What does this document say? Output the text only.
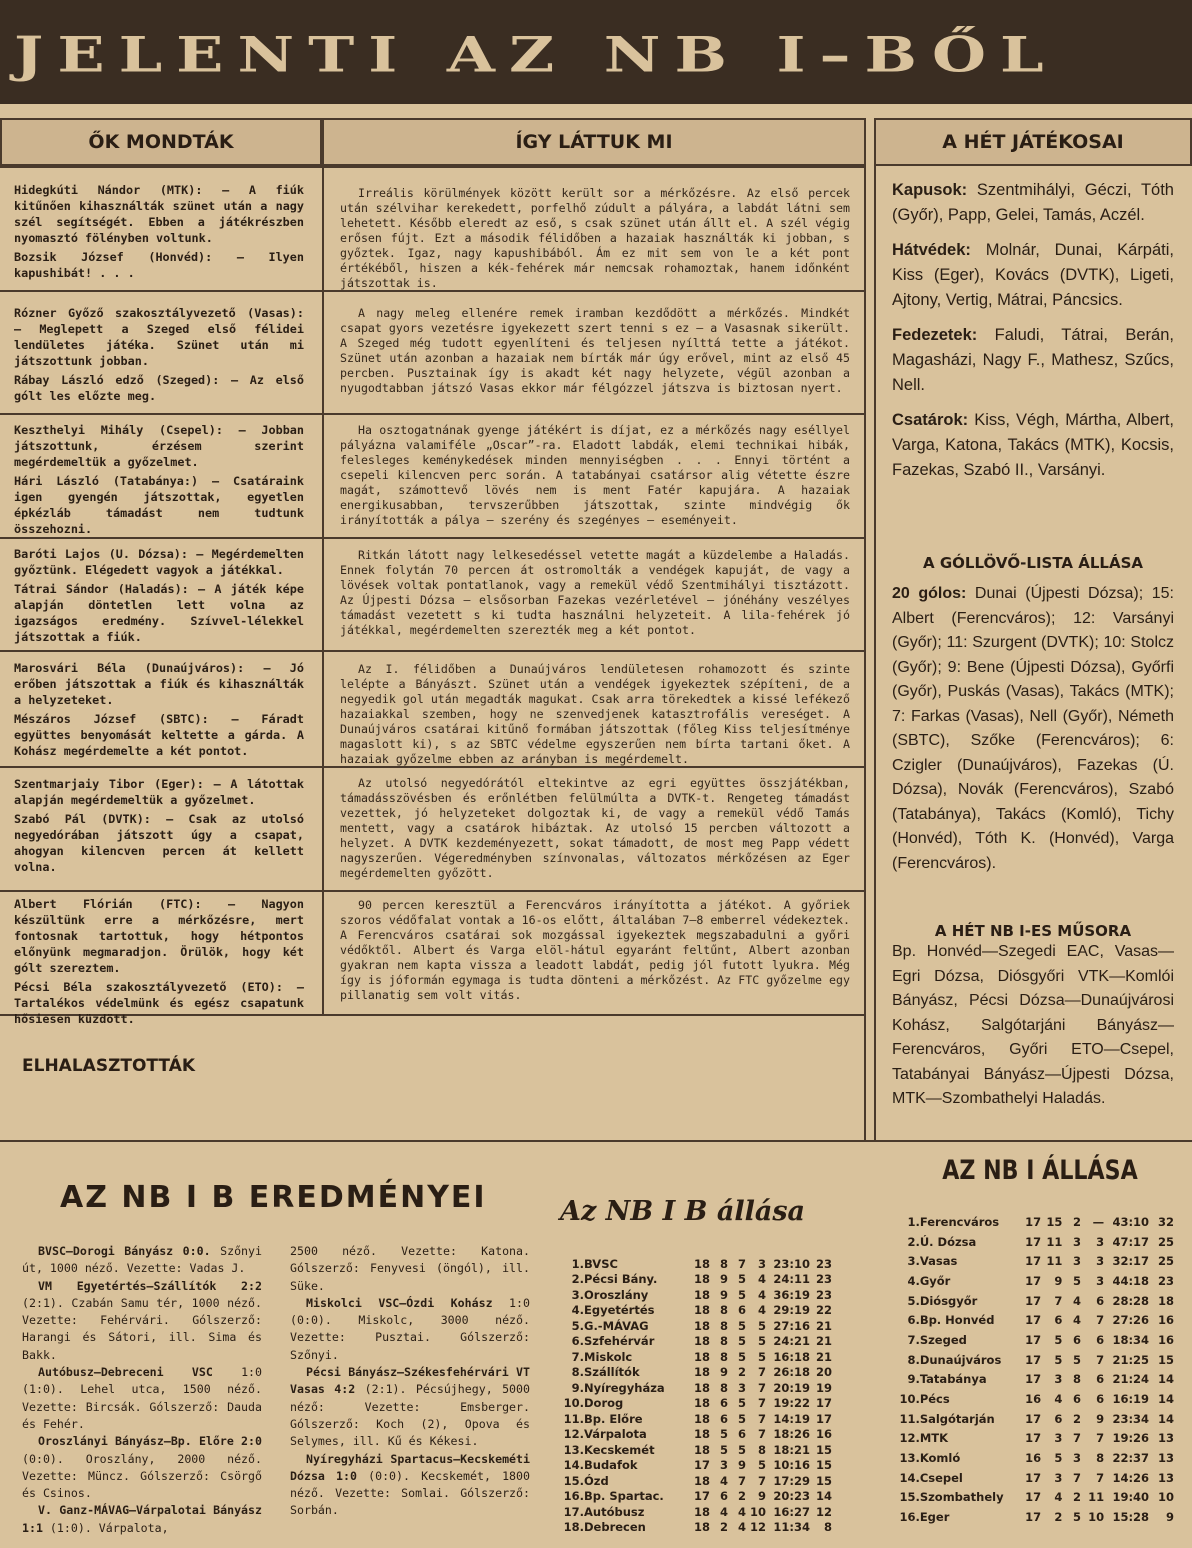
JELENTI AZ NB I–BŐL
ŐK MONDTÁK	ÍGY LÁTTUK MI	A HÉT JÁTÉKOSAI

Hidegkúti Nándor (MTK): — A fiúk kitűnően kihasználták szünet után a nagy szél segítségét. Ebben a játékrészben nyomasztó fölényben voltunk.

Bozsik József (Honvéd): — Ilyen kapushibát! . . .

Irreális körülmények között került sor a mérkőzésre. Az első percek után szélvihar kerekedett, porfelhő zúdult a pályára, a labdát látni sem lehetett. Később eleredt az eső, s csak szünet után állt el. A szél végig erősen fújt. Ezt a második félidőben a hazaiak használták ki jobban, s győztek. Igaz, nagy kapushibából. Ám ez mit sem von le a két pont értékéből, hiszen a kék-fehérek már nemcsak rohamoztak, hanem időnként játszottak is.

Rózner Győző szakosztályvezető (Vasas): — Meglepett a Szeged első félidei lendületes játéka. Szünet után mi játszottunk jobban.

Rábay László edző (Szeged): — Az első gólt les előzte meg.

A nagy meleg ellenére remek iramban kezdődött a mérkőzés. Mindkét csapat gyors vezetésre igyekezett szert tenni s ez — a Vasasnak sikerült. A Szeged még tudott egyenlíteni és teljesen nyílttá tette a játékot. Szünet után azonban a hazaiak nem bírták már úgy erővel, mint az első 45 percben. Pusztainak így is akadt két nagy helyzete, végül azonban a nyugodtabban játszó Vasas ekkor már félgózzel játszva is biztosan nyert.

Keszthelyi Mihály (Csepel): — Jobban játszottunk, érzésem szerint megérdemeltük a győzelmet.

Hári László (Tatabánya:) — Csatáraink igen gyengén játszottak, egyetlen épkézláb támadást nem tudtunk összehozni.

Ha osztogatnának gyenge játékért is díjat, ez a mérkőzés nagy eséllyel pályázna valamiféle „Oscar”-ra. Eladott labdák, elemi technikai hibák, felesleges keménykedések minden mennyiségben . . . Ennyi történt a csepeli kilencven perc során. A tatabányai csatársor alig vétette észre magát, számottevő lövés nem is ment Fatér kapujára. A hazaiak energikusabban, tervszerűbben játszottak, szinte mindvégig ők irányították a pálya — szerény és szegényes — eseményeit.

Baróti Lajos (U. Dózsa): — Megérdemelten győztünk. Elégedett vagyok a játékkal.

Tátrai Sándor (Haladás): — A játék képe alapján döntetlen lett volna az igazságos eredmény. Szívvel-lélekkel játszottak a fiúk.

Ritkán látott nagy lelkesedéssel vetette magát a küzdelembe a Haladás. Ennek folytán 70 percen át ostromolták a vendégek kapuját, de vagy a lövések voltak pontatlanok, vagy a remekül védő Szentmihályi tisztázott. Az Újpesti Dózsa — elsősorban Fazekas vezérletével — jónéhány veszélyes támadást vezetett s ki tudta használni helyzeteit. A lila-fehérek jó játékkal, megérdemelten szerezték meg a két pontot.

Marosvári Béla (Dunaújváros): — Jó erőben játszottak a fiúk és kihasználták a helyzeteket.

Mészáros József (SBTC): — Fáradt együttes benyomását keltette a gárda. A Kohász megérdemelte a két pontot.

Az I. félidőben a Dunaújváros lendületesen rohamozott és szinte lelépte a Bányászt. Szünet után a vendégek igyekeztek szépíteni, de a negyedik gol után megadták magukat. Csak arra törekedtek a kissé lefékező hazaiakkal szemben, hogy ne szenvedjenek katasztrofális vereséget. A Dunaújváros csatárai kitűnő formában játszottak (főleg Kiss teljesítménye magaslott ki), s az SBTC védelme egyszerűen nem bírta tartani őket. A hazaiak győzelme ebben az arányban is megérdemelt.

Szentmarjaiy Tibor (Eger): — A látottak alapján megérdemeltük a győzelmet.

Szabó Pál (DVTK): — Csak az utolsó negyedórában játszott úgy a csapat, ahogyan kilencven percen át kellett volna.

Az utolsó negyedórától eltekintve az egri együttes összjátékban, támadásszövésben és erőnlétben felülmúlta a DVTK-t. Rengeteg támadást vezettek, jó helyzeteket dolgoztak ki, de vagy a remekül védő Tamás mentett, vagy a csatárok hibáztak. Az utolsó 15 percben változott a helyzet. A DVTK kezdeményezett, sokat támadott, de most meg Papp védett nagyszerűen. Végeredményben színvonalas, változatos mérkőzésen az Eger megérdemelten győzött.

Albert Flórián (FTC): — Nagyon készültünk erre a mérkőzésre, mert fontosnak tartottuk, hogy hétpontos előnyünk megmaradjon. Örülök, hogy két gólt szereztem.

Pécsi Béla szakosztályvezető (ETO): — Tartalékos védelmünk és egész csapatunk hősiesen küzdött.

90 percen keresztül a Ferencváros irányította a játékot. A győriek szoros védőfalat vontak a 16-os előtt, általában 7—8 emberrel védekeztek. A Ferencváros csatárai sok mozgással igyekeztek megszabadulni a győri védőktől. Albert és Varga elöl-hátul egyaránt feltűnt, Albert azonban gyakran nem kapta vissza a leadott labdát, pedig jól futott lyukra. Még így is jóformán egymaga is tudta dönteni a mérkőzést. Az FTC győzelme egy pillanatig sem volt vitás.

ELHALASZTOTTÁK

Kapusok: Szentmihályi, Géczi, Tóth (Győr), Papp, Gelei, Tamás, Aczél.

Hátvédek: Molnár, Dunai, Kárpáti, Kiss (Eger), Kovács (DVTK), Ligeti, Ajtony, Vertig, Mátrai, Páncsics.

Fedezetek: Faludi, Tátrai, Berán, Magasházi, Nagy F., Mathesz, Szűcs, Nell.

Csatárok: Kiss, Végh, Mártha, Albert, Varga, Katona, Takács (MTK), Kocsis, Fazekas, Szabó II., Varsányi.

A GÓLLÖVŐ-LISTA ÁLLÁSA
20 gólos: Dunai (Újpesti Dózsa); 15: Albert (Ferencváros); 12: Varsányi (Győr); 11: Szurgent (DVTK); 10: Stolcz (Győr); 9: Bene (Újpesti Dózsa), Győrfi (Győr), Puskás (Vasas), Takács (MTK); 7: Farkas (Vasas), Nell (Győr), Németh (SBTC), Szőke (Ferencváros); 6: Czigler (Dunaújváros), Fazekas (Ú. Dózsa), Novák (Ferencváros), Szabó (Tatabánya), Takács (Komló), Tichy (Honvéd), Tóth K. (Honvéd), Varga (Ferencváros).
A HÉT NB I-ES MŰSORA
Bp. Honvéd—Szegedi EAC, Vasas—Egri Dózsa, Diósgyőri VTK—Komlói Bányász, Pécsi Dózsa—Dunaújvárosi Kohász, Salgótarjáni Bányász—Ferencváros, Győri ETO—Csepel, Tatabányai Bányász—Újpesti Dózsa, MTK—Szombathelyi Haladás.
AZ NB I ÁLLÁSA
1.	Ferencváros	17	15	2	—	43:10	32
2.	Ú. Dózsa	17	11	3	3	47:17	25
3.	Vasas	17	11	3	3	32:17	25
4.	Győr	17	9	5	3	44:18	23
5.	Diósgyőr	17	7	4	6	28:28	18
6.	Bp. Honvéd	17	6	4	7	27:26	16
7.	Szeged	17	5	6	6	18:34	16
8.	Dunaújváros	17	5	5	7	21:25	15
9.	Tatabánya	17	3	8	6	21:24	14
10.	Pécs	16	4	6	6	16:19	14
11.	Salgótarján	17	6	2	9	23:34	14
12.	MTK	17	3	7	7	19:26	13
13.	Komló	16	5	3	8	22:37	13
14.	Csepel	17	3	7	7	14:26	13
15.	Szombathely	17	4	2	11	19:40	10
16.	Eger	17	2	5	10	15:28	9
AZ NB I B EREDMÉNYEI

BVSC—Dorogi Bányász 0:0. Szőnyi út, 1000 néző. Vezette: Vadas J.

VM Egyetértés—Szállítók 2:2 (2:1). Czabán Samu tér, 1000 néző. Vezette: Fehérvári. Gólszerző: Harangi és Sátori, ill. Sima és Bakk.

Autóbusz—Debreceni VSC 1:0 (1:0). Lehel utca, 1500 néző. Vezette: Bircsák. Gólszerző: Dauda és Fehér.

Oroszlányi Bányász—Bp. Előre 2:0 (0:0). Oroszlány, 2000 néző. Vezette: Müncz. Gólszerző: Csörgő és Csinos.

V. Ganz-MÁVAG—Várpalotai Bányász 1:1 (1:0). Várpalota,

2500 néző. Vezette: Katona. Gólszerző: Fenyvesi (öngól), ill. Süke.

Miskolci VSC—Ózdi Kohász 1:0 (0:0). Miskolc, 3000 néző. Vezette: Pusztai. Gólszerző: Szőnyi.

Pécsi Bányász—Székesfehérvári VT Vasas 4:2 (2:1). Pécsújhegy, 5000 néző: Vezette: Emsberger. Gólszerző: Koch (2), Opova és Selymes, ill. Kű és Kékesi.

Nyíregyházi Spartacus—Kecskeméti Dózsa 1:0 (0:0). Kecskemét, 1800 néző. Vezette: Somlai. Gólszerző: Sorbán.

Az NB I B állása
1.	BVSC	18	8	7	3	23:10	23
2.	Pécsi Bány.	18	9	5	4	24:11	23
3.	Oroszlány	18	9	5	4	36:19	23
4.	Egyetértés	18	8	6	4	29:19	22
5.	G.-MÁVAG	18	8	5	5	27:16	21
6.	Szfehérvár	18	8	5	5	24:21	21
7.	Miskolc	18	8	5	5	16:18	21
8.	Szállítók	18	9	2	7	26:18	20
9.	Nyíregyháza	18	8	3	7	20:19	19
10.	Dorog	18	6	5	7	19:22	17
11.	Bp. Előre	18	6	5	7	14:19	17
12.	Várpalota	18	5	6	7	18:26	16
13.	Kecskemét	18	5	5	8	18:21	15
14.	Budafok	17	3	9	5	10:16	15
15.	Ózd	18	4	7	7	17:29	15
16.	Bp. Spartac.	17	6	2	9	20:23	14
17.	Autóbusz	18	4	4	10	16:27	12
18.	Debrecen	18	2	4	12	11:34	8
